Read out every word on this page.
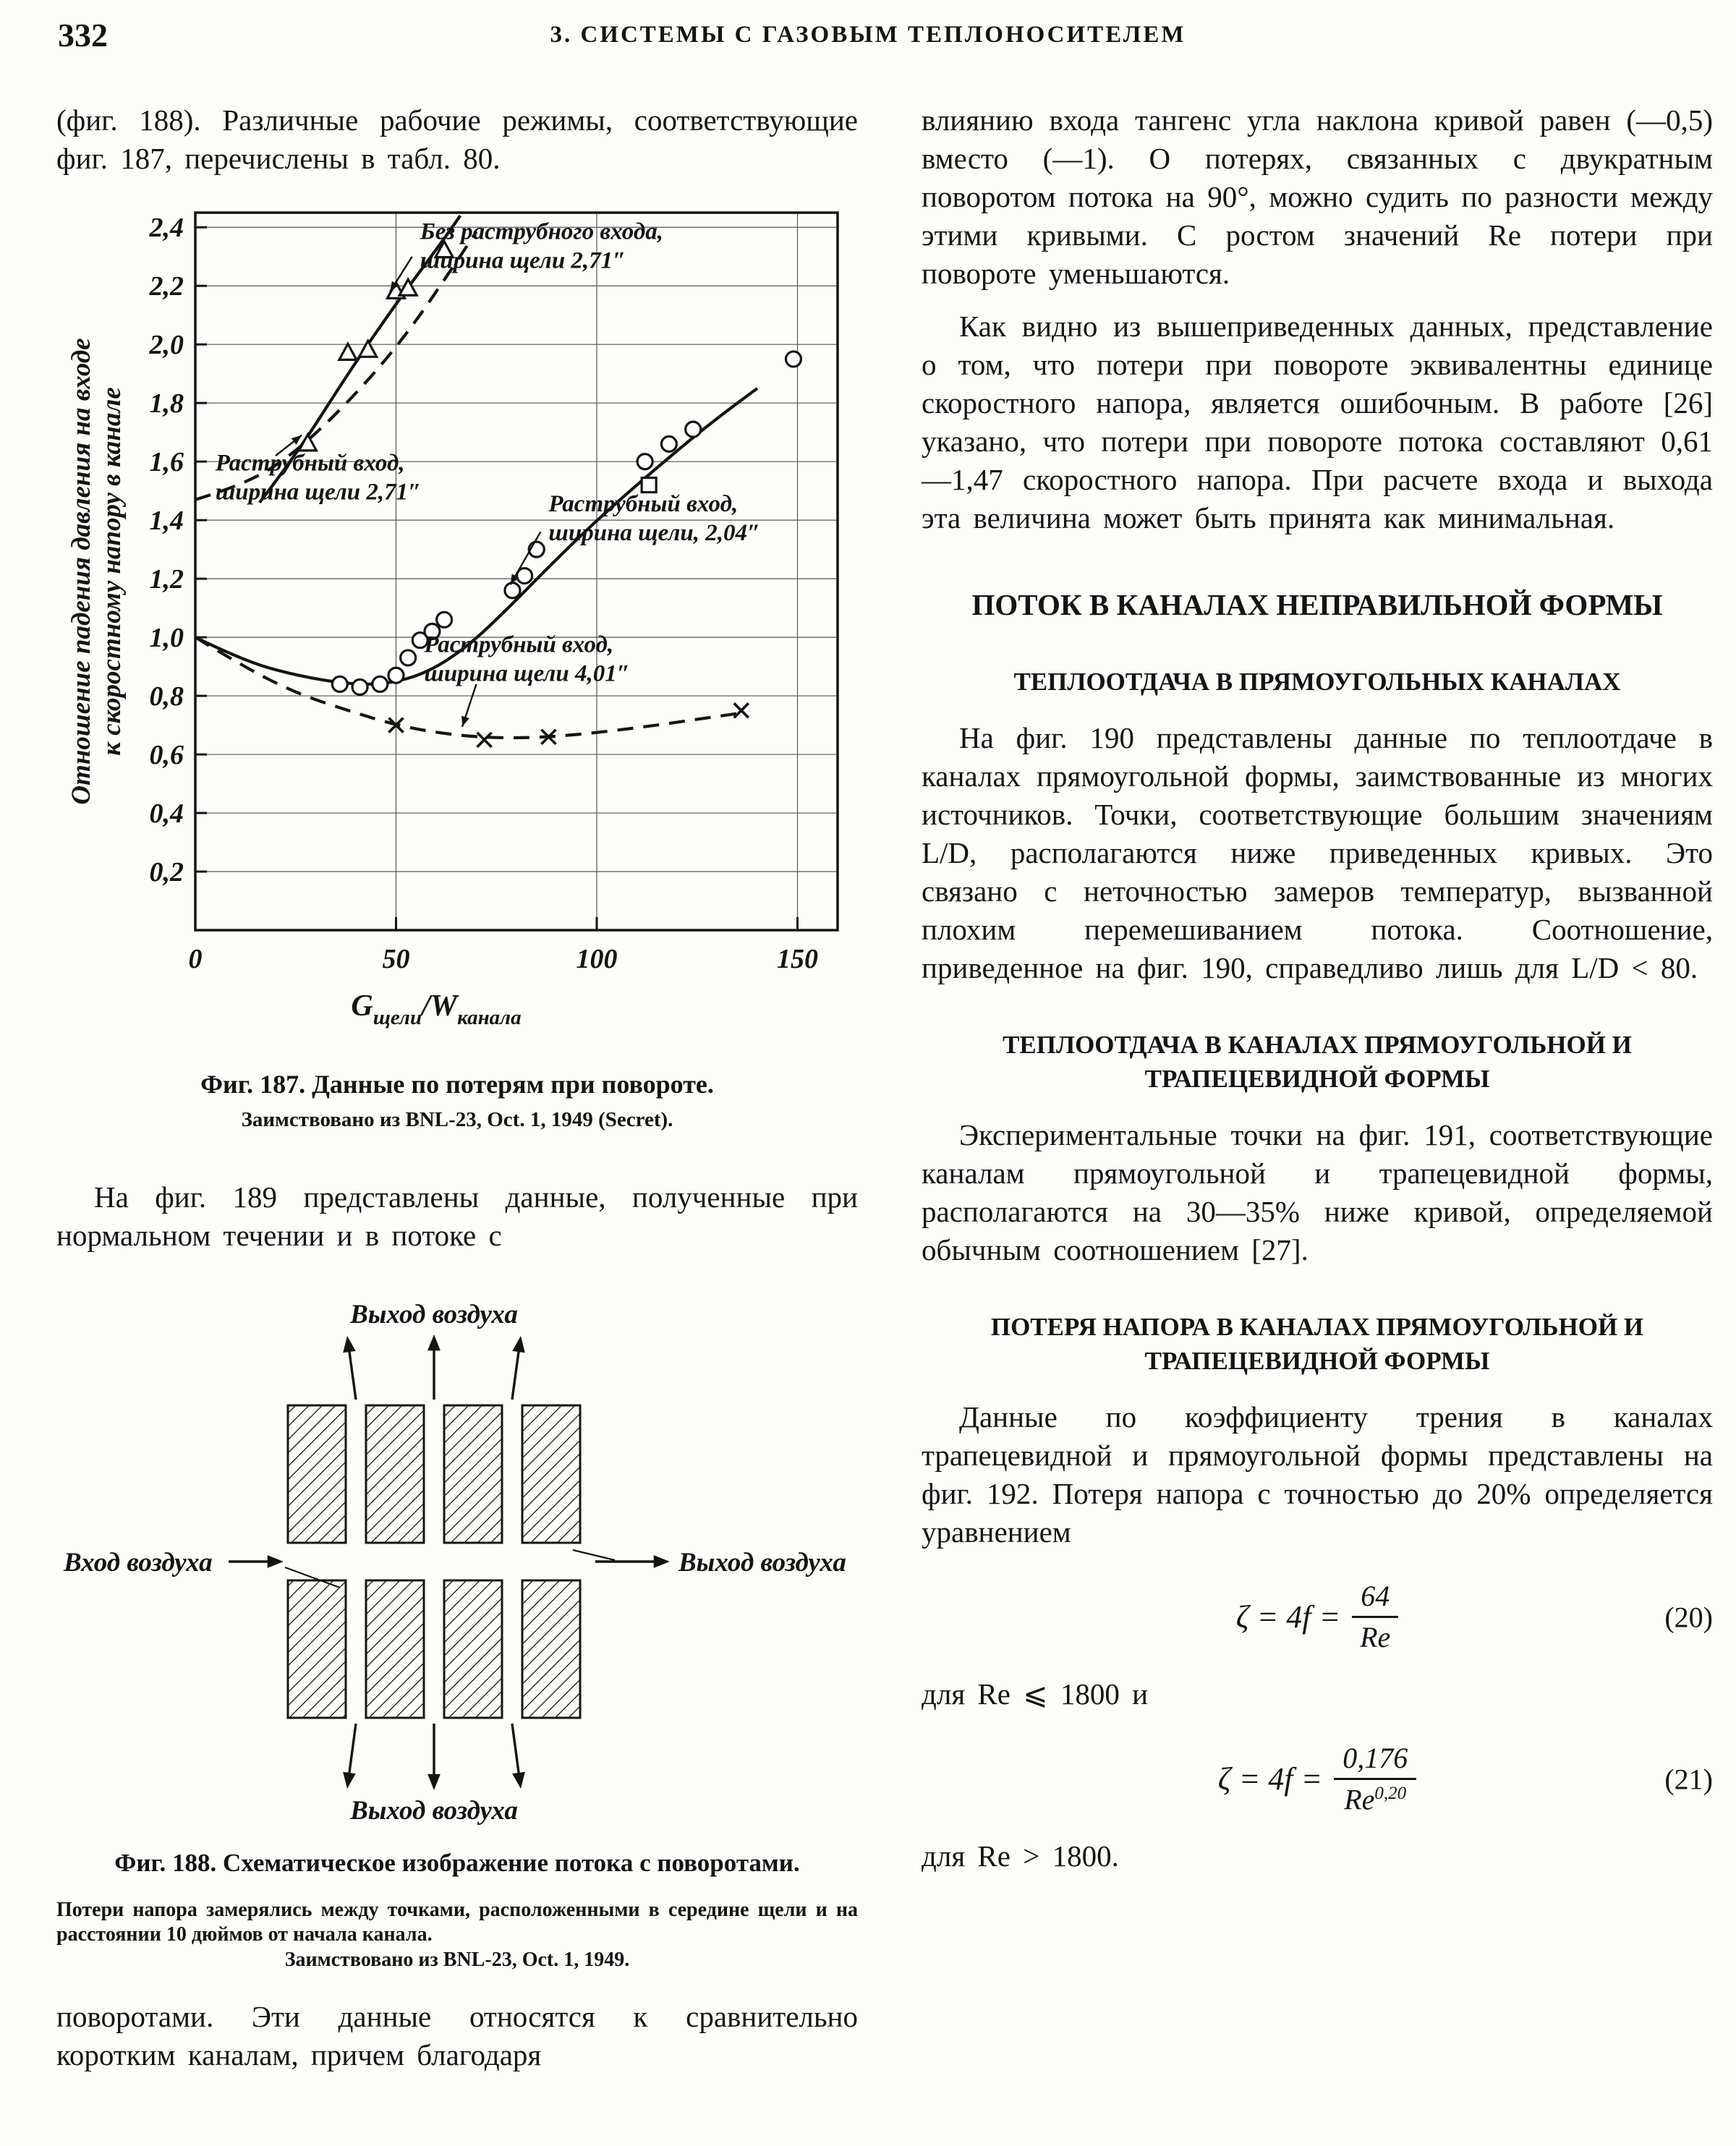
332	3. СИСТЕМЫ С ГАЗОВЫМ ТЕПЛОНОСИТЕЛЕМ

(фиг. 188). Различные рабочие режимы, соответствующие фиг. 187, перечислены в табл. 80.

0	50	100	150
0,2
0,4
0,6
0,8
1,0
1,2
1,4
1,6
1,8
2,0
2,2
2,4	Без раструбного входа, ширина щели 2,71″
Раструбный вход, ширина щели 2,71″	Раструбный вход, ширина щели, 2,04″
Раструбный вход, ширина щели 4,01″
Отношение падения давления на входек скоростному напору в канале
$G_{щели}/W_{канала}$
Фиг. 187. Данные по потерям при повороте.
Заимствовано из BNL-23, Oct. 1, 1949 (Secret).

На фиг. 189 представлены данные, полученные при нормальном течении и в потоке с

Выход воздуха
Выход воздуха
Вход воздуха	Выход воздуха
Фиг. 188. Схематическое изображение потока с поворотами.
Потери напора замерялись между точками, расположенными в середине щели и на расстоянии 10 дюймов от начала канала.
Заимствовано из BNL-23, Oct. 1, 1949.

поворотами. Эти данные относятся к сравнительно коротким каналам, причем благодаря

влиянию входа тангенс угла наклона кривой равен (—0,5) вместо (—1). О потерях, связанных с двукратным поворотом потока на 90°, можно судить по разности между этими кривыми. С ростом значений Re потери при повороте уменьшаются.

Как видно из вышеприведенных данных, представление о том, что потери при повороте эквивалентны единице скоростного напора, является ошибочным. В работе [26] указано, что потери при повороте потока составляют 0,61—1,47 скоростного напора. При расчете входа и выхода эта величина может быть принята как минимальная.

ПОТОК В КАНАЛАХ НЕПРАВИЛЬНОЙ ФОРМЫ
ТЕПЛООТДАЧА В ПРЯМОУГОЛЬНЫХ КАНАЛАХ

На фиг. 190 представлены данные по теплоотдаче в каналах прямоугольной формы, заимствованные из многих источников. Точки, соответствующие большим значениям L/D, располагаются ниже приведенных кривых. Это связано с неточностью замеров температур, вызванной плохим перемешиванием потока. Соотношение, приведенное на фиг. 190, справедливо лишь для L/D < 80.

ТЕПЛООТДАЧА В КАНАЛАХ ПРЯМОУГОЛЬНОЙ И ТРАПЕЦЕВИДНОЙ ФОРМЫ

Экспериментальные точки на фиг. 191, соответствующие каналам прямоугольной и трапецевидной формы, располагаются на 30—35% ниже кривой, определяемой обычным соотношением [27].

ПОТЕРЯ НАПОРА В КАНАЛАХ ПРЯМОУГОЛЬНОЙ И ТРАПЕЦЕВИДНОЙ ФОРМЫ

Данные по коэффициенту трения в каналах трапецевидной и прямоугольной формы представлены на фиг. 192. Потеря напора с точностью до 20% определяется уравнением

$\zeta = 4f = \frac{64}{Re}$	(20)

для Re ⩽ 1800 и

$\zeta = 4f = \frac{0,176}{Re^{0,20}}$	(21)

для Re > 1800.
